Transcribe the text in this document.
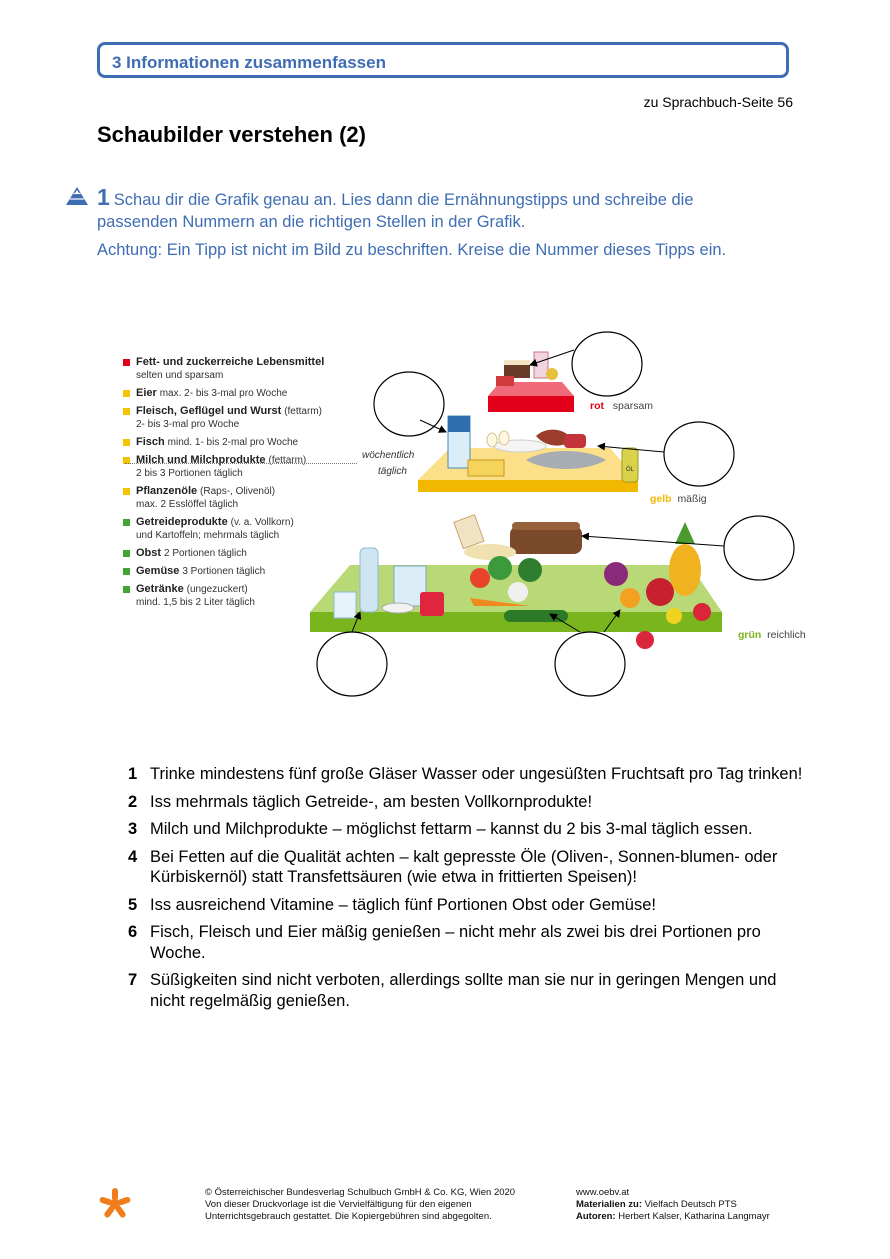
3 Informationen zusammenfassen
zu Sprachbuch-Seite 56
Schaubilder verstehen (2)

1 Schau dir die Grafik genau an. Lies dann die Ernähnungstipps und schreibe die passenden Nummern an die richtigen Stellen in der Grafik.

Achtung: Ein Tipp ist nicht im Bild zu beschriften. Kreise die Nummer dieses Tipps ein.

Fett- und zuckerreiche Lebensmittel
selten und sparsam
Eier max. 2- bis 3-mal pro Woche
Fleisch, Geflügel und Wurst (fettarm)
2- bis 3-mal pro Woche
Fisch mind. 1- bis 2-mal pro Woche
Milch und Milchprodukte (fettarm)
2 bis 3 Portionen täglich
Pflanzenöle (Raps-, Olivenöl)
max. 2 Esslöffel täglich
Getreideprodukte (v. a. Vollkorn)
und Kartoffeln; mehrmals täglich
Obst 2 Portionen täglich
Gemüse 3 Portionen täglich
Getränke (ungezuckert)
mind. 1,5 bis 2 Liter täglich
wöchentlich
täglich	ÖL
rot sparsam
gelb mäßig
grün reichlich
1 Trinke mindestens fünf große Gläser Wasser oder ungesüßten Fruchtsaft pro Tag trinken!
2 Iss mehrmals täglich Getreide-, am besten Vollkornprodukte!
3 Milch und Milchprodukte – möglichst fettarm – kannst du 2 bis 3-mal täglich essen.
4 Bei Fetten auf die Qualität achten – kalt gepresste Öle (Oliven-, Sonnen-blumen- oder Kürbiskernöl) statt Transfettsäuren (wie etwa in frittierten Speisen)!
5 Iss ausreichend Vitamine – täglich fünf Portionen Obst oder Gemüse!
6 Fisch, Fleisch und Eier mäßig genießen – nicht mehr als zwei bis drei Portionen pro Woche.
7 Süßigkeiten sind nicht verboten, allerdings sollte man sie nur in geringen Mengen und nicht regelmäßig genießen.
© Österreichischer Bundesverlag Schulbuch GmbH & Co. KG, Wien 2020
Von dieser Druckvorlage ist die Vervielfältigung für den eigenen
Unterrichtsgebrauch gestattet. Die Kopiergebühren sind abgegolten.
www.oebv.at
Materialien zu: Vielfach Deutsch PTS
Autoren: Herbert Kalser, Katharina Langmayr
